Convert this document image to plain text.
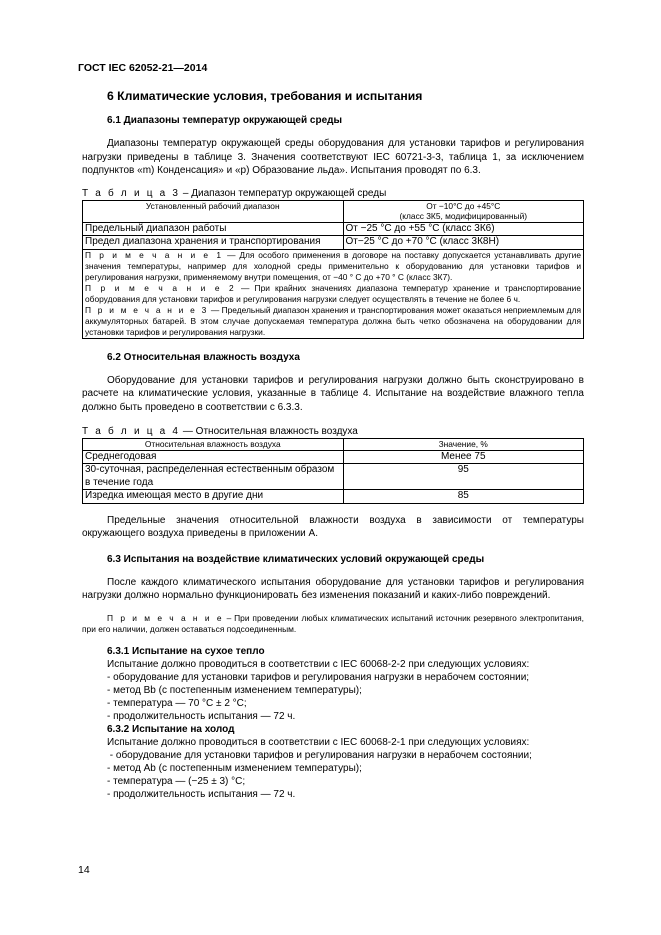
ГОСТ IEC 62052-21—2014
6 Климатические условия, требования и испытания
6.1 Диапазоны температур окружающей среды

Диапазоны температур окружающей среды оборудования для установки тарифов и регулирования нагрузки приведены в таблице 3. Значения соответствуют IEC 60721-3-3, таблица 1, за исключением подпунктов «m) Конденсация» и «p) Образование льда». Испытания проводят по 6.3.

Т а б л и ц а 3 – Диапазон температур окружающей среды

Установленный рабочий диапазон	От −10°С до +45°С
(класс 3К5, модифицированный)

Предельный диапазон работы	От −25 °С до +55 °С (класс 3К6)
Предел диапазона хранения и транспортирования	От−25 °С до +70 °С (класс 3К8Н)

П р и м е ч а н и е 1 — Для особого применения в договоре на поставку допускается устанавливать другие значения температуры, например для холодной среды применительно к оборудованию для установки тарифов и регулирования нагрузки, применяемому внутри помещения, от −40 ° С до +70 ° С (класс 3К7).
П р и м е ч а н и е 2 — При крайних значениях диапазона температур хранение и транспортирование оборудования для установки тарифов и регулирования нагрузки следует осуществлять в течение не более 6 ч.
П р и м е ч а н и е 3 — Предельный диапазон хранения и транспортирования может оказаться неприемлемым для аккумуляторных батарей. В этом случае допускаемая температура должна быть четко обозначена на оборудовании для установки тарифов и регулирования нагрузки.	
6.2 Относительная влажность воздуха

Оборудование для установки тарифов и регулирования нагрузки должно быть сконструировано в расчете на климатические условия, указанные в таблице 4. Испытание на воздействие влажного тепла должно быть проведено в соответствии с 6.3.3.

Т а б л и ц а 4 — Относительная влажность воздуха

Относительная влажность воздуха	Значение, %
Среднегодовая	Менее 75
30-суточная, распределенная естественным образом в течение года	95
Изредка имеющая место в другие дни	85

Предельные значения относительной влажности воздуха в зависимости от температуры окружающего воздуха приведены в приложении А.

6.3 Испытания на воздействие климатических условий окружающей среды

После каждого климатического испытания оборудование для установки тарифов и регулирования нагрузки должно нормально функционировать без изменения показаний и каких-либо повреждений.

П р и м е ч а н и е – При проведении любых климатических испытаний источник резервного электропитания, при его наличии, должен оставаться подсоединенным.

6.3.1 Испытание на сухое тепло
Испытание должно проводиться в соответствии с IEC 60068-2-2 при следующих условиях:
- оборудование для установки тарифов и регулирования нагрузки в нерабочем состоянии;
- метод Bb (с постепенным изменением температуры);
- температура — 70 °С ± 2 °С;
- продолжительность испытания — 72 ч.
6.3.2 Испытание на холод
Испытание должно проводиться в соответствии с IEC 60068-2-1 при следующих условиях:
- оборудование для установки тарифов и регулирования нагрузки в нерабочем состоянии;
- метод Ab (с постепенным изменением температуры);
- температура — (−25 ± 3) °С;
- продолжительность испытания — 72 ч.
14
